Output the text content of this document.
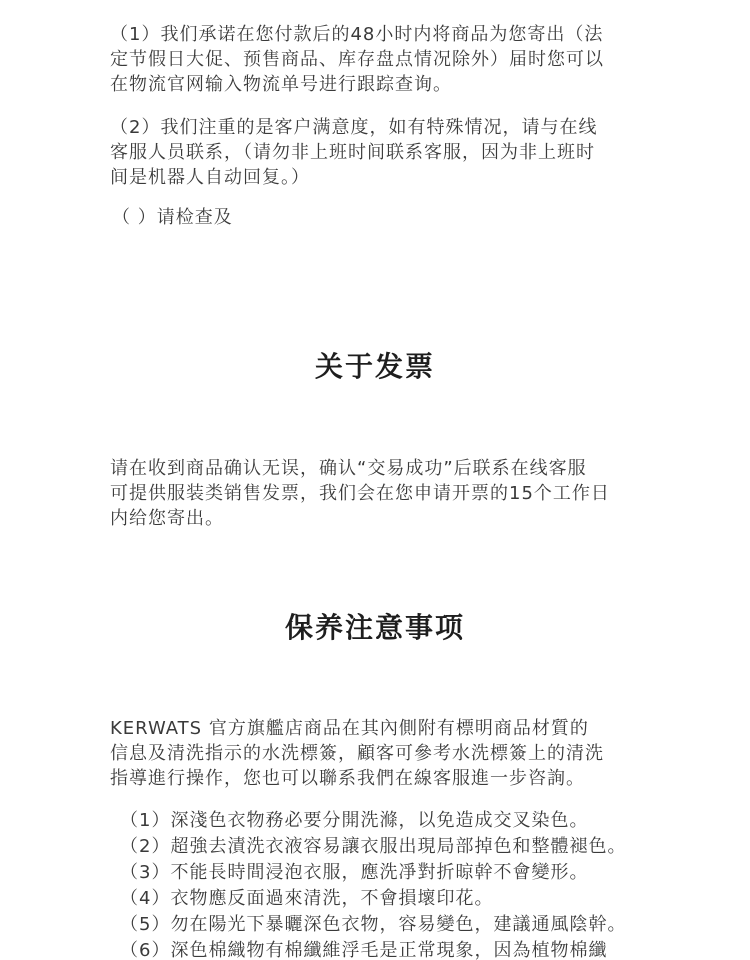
（1）我们承诺在您付款后的48小时内将商品为您寄出（法
定节假日大促、预售商品、库存盘点情况除外）届时您可以
在物流官网输入物流单号进行跟踪查询。

（2）我们注重的是客户满意度，如有特殊情况，请与在线
客服人员联系，（请勿非上班时间联系客服，因为非上班时
间是机器人自动回复。）

（ ）请检查及

关于发票

请在收到商品确认无误，确认“交易成功”后联系在线客服
可提供服装类销售发票，我们会在您申请开票的15个工作日
内给您寄出。

保养注意事项

KERWATS 官方旗艦店商品在其內側附有標明商品材質的
信息及清洗指示的水洗標簽，顧客可參考水洗標簽上的清洗
指導進行操作，您也可以聯系我們在線客服進一步咨詢。

（1）深淺色衣物務必要分開洗滌，以免造成交叉染色。
（2）超強去漬洗衣液容易讓衣服出現局部掉色和整體褪色。
（3）不能長時間浸泡衣服，應洗凈對折晾幹不會變形。
（4）衣物應反面過來清洗，不會損壞印花。
（5）勿在陽光下暴曬深色衣物，容易變色，建議通風陰幹。
（6）深色棉織物有棉纖維浮毛是正常現象，因為植物棉纖
